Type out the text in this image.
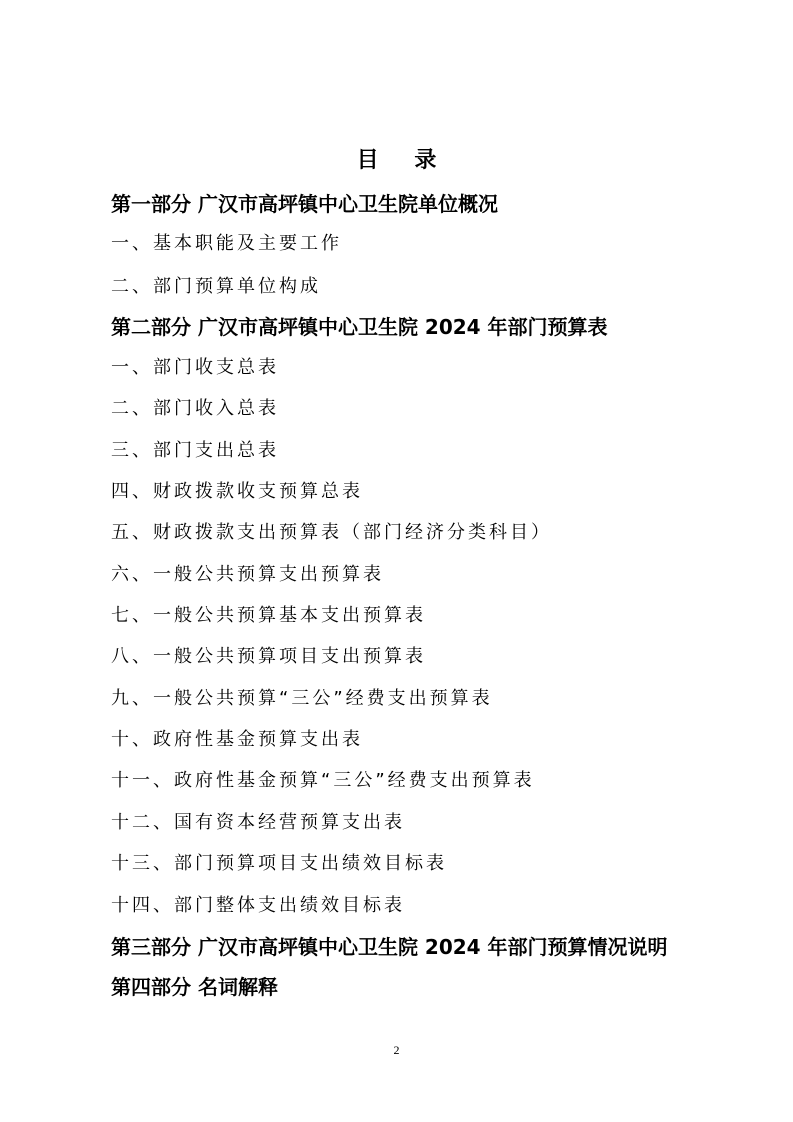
目 录
第一部分 广汉市高坪镇中心卫生院单位概况
一、基本职能及主要工作
二、部门预算单位构成
第二部分 广汉市高坪镇中心卫生院 2024 年部门预算表
一、部门收支总表
二、部门收入总表
三、部门支出总表
四、财政拨款收支预算总表
五、财政拨款支出预算表（部门经济分类科目）
六、一般公共预算支出预算表
七、一般公共预算基本支出预算表
八、一般公共预算项目支出预算表
九、一般公共预算“三公”经费支出预算表
十、政府性基金预算支出表
十一、政府性基金预算“三公”经费支出预算表
十二、国有资本经营预算支出表
十三、部门预算项目支出绩效目标表
十四、部门整体支出绩效目标表
第三部分 广汉市高坪镇中心卫生院 2024 年部门预算情况说明
第四部分 名词解释
2
